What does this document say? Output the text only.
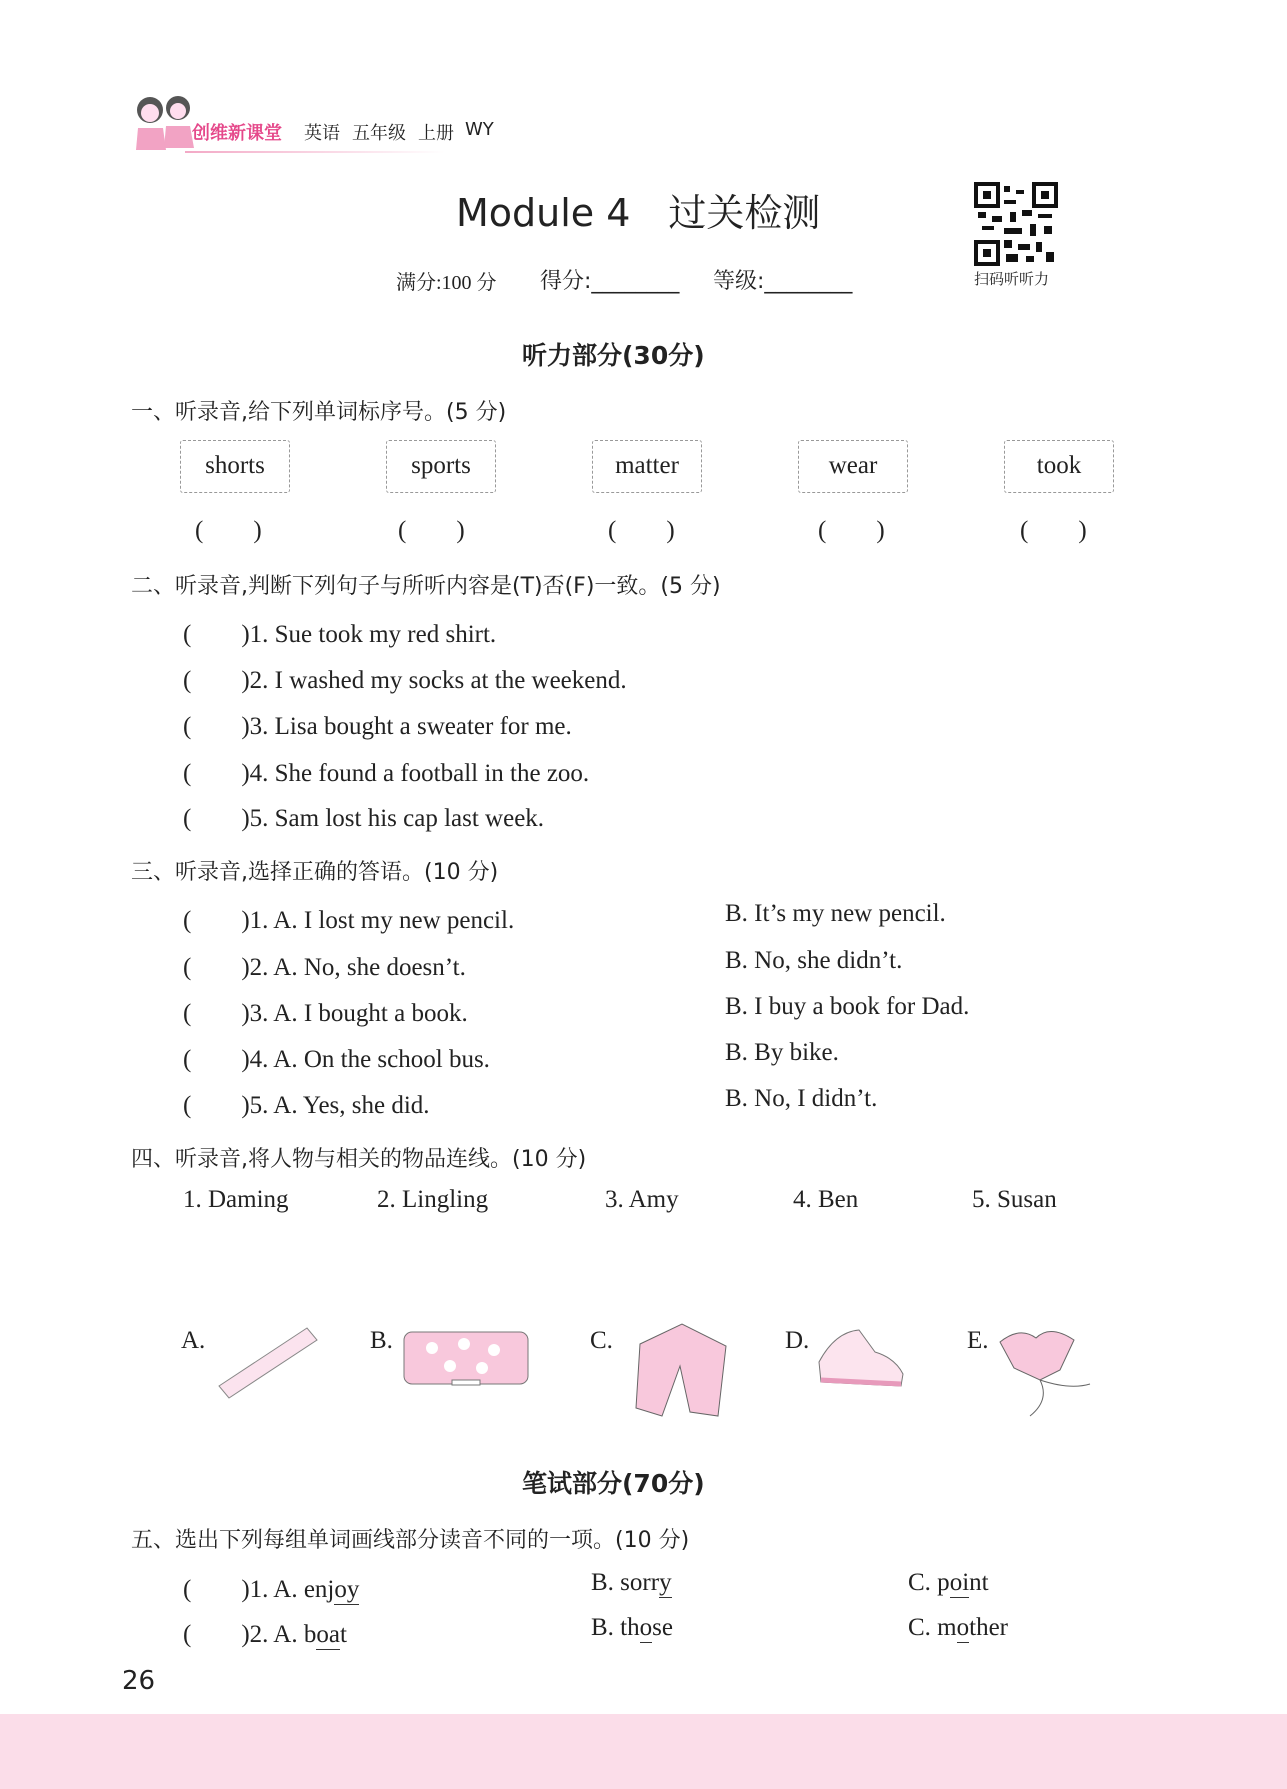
创维新课堂 英语 五年级 上册 WY
Module 4　过关检测
满分:100 分 得分:________ 等级:________	扫码听听力
听力部分(30分)
一、听录音,给下列单词标序号。(5 分)
shorts	sports	matter	wear	took
(　　)	(　　)	(　　)	(　　)	(　　)
二、听录音,判断下列句子与所听内容是(T)否(F)一致。(5 分)
(　　)1. Sue took my red shirt.
(　　)2. I washed my socks at the weekend.
(　　)3. Lisa bought a sweater for me.
(　　)4. She found a football in the zoo.
(　　)5. Sam lost his cap last week.
三、听录音,选择正确的答语。(10 分)
(　　)1. A. I lost my new pencil.	B. It’s my new pencil.
(　　)2. A. No, she doesn’t.	B. No, she didn’t.
(　　)3. A. I bought a book.	B. I buy a book for Dad.
(　　)4. A. On the school bus.	B. By bike.
(　　)5. A. Yes, she did.	B. No, I didn’t.
四、听录音,将人物与相关的物品连线。(10 分)
1. Daming	2. Lingling	3. Amy	4. Ben	5. Susan
A.	B.	C.	D.	E.
笔试部分(70分)
五、选出下列每组单词画线部分读音不同的一项。(10 分)
(　　)1. A. enjoy	B. sorry	C. point
(　　)2. A. boat	B. those	C. mother
26
